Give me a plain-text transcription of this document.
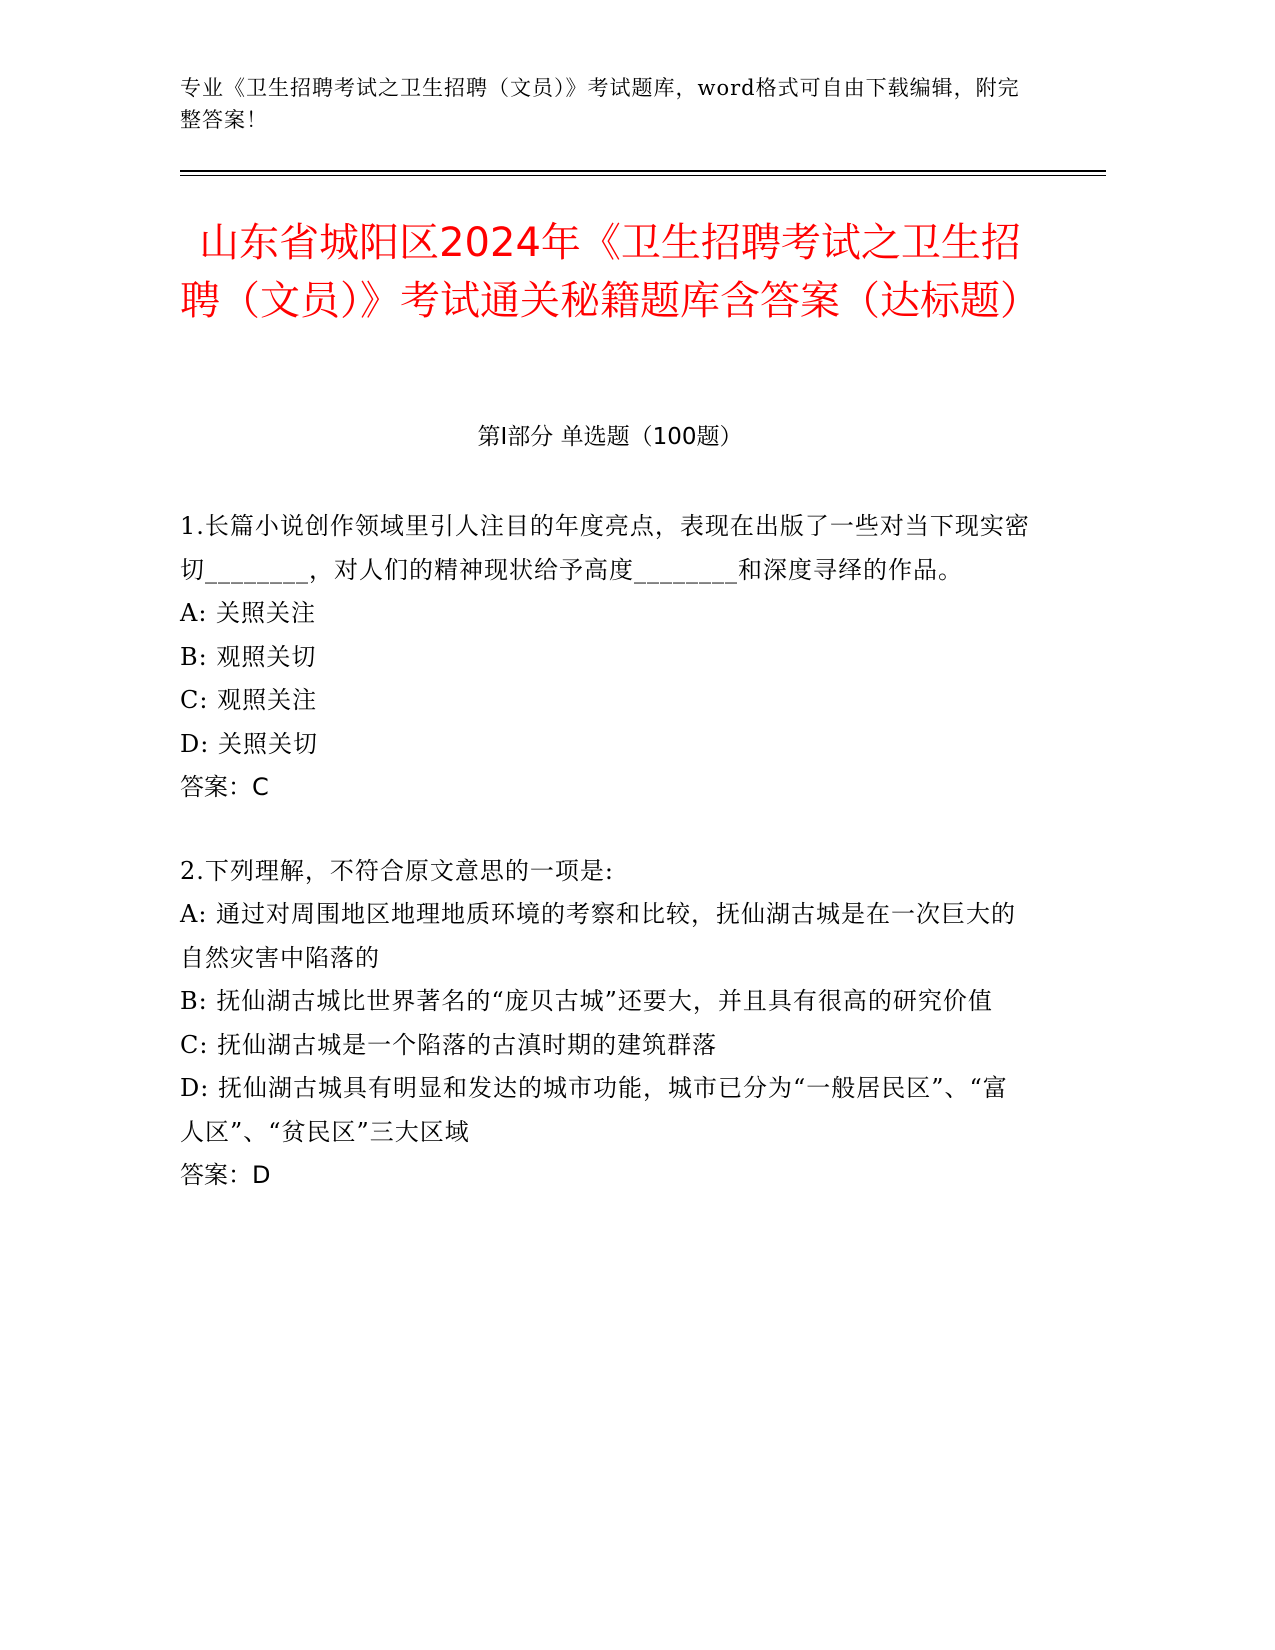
专业《卫生招聘考试之卫生招聘（文员）》考试题库，word格式可自由下载编辑，附完整答案！
山东省城阳区2024年《卫生招聘考试之卫生招聘（文员）》考试通关秘籍题库含答案（达标题）
第Ⅰ部分 单选题（100题）

1.长篇小说创作领域里引人注目的年度亮点，表现在出版了一些对当下现实密切________，对人们的精神现状给予高度________和深度寻绎的作品。

A: 关照关注

B: 观照关切

C: 观照关注

D: 关照关切

答案：C

2.下列理解，不符合原文意思的一项是:

A: 通过对周围地区地理地质环境的考察和比较，抚仙湖古城是在一次巨大的自然灾害中陷落的

B: 抚仙湖古城比世界著名的“庞贝古城”还要大，并且具有很高的研究价值

C: 抚仙湖古城是一个陷落的古滇时期的建筑群落

D: 抚仙湖古城具有明显和发达的城市功能，城市已分为“一般居民区”、“富人区”、“贫民区”三大区域

答案：D
